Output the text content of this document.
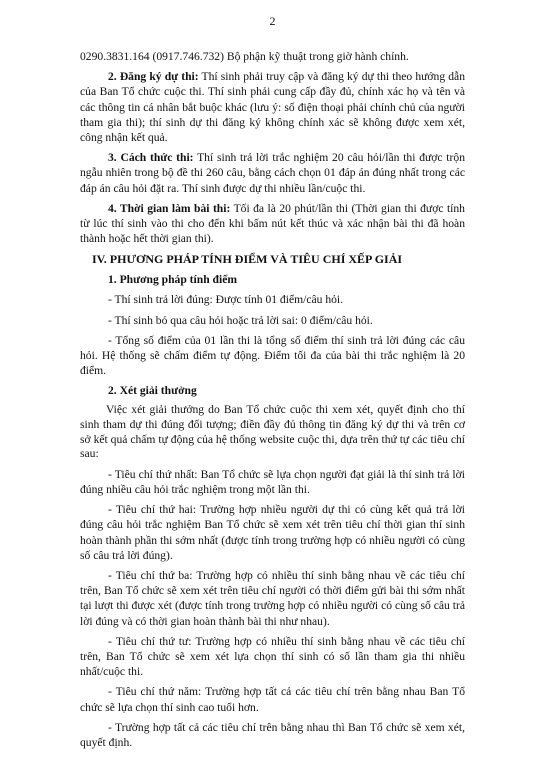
2

0290.3831.164 (0917.746.732) Bộ phận kỹ thuật trong giờ hành chính.

2. Đăng ký dự thi: Thí sinh phải truy cập và đăng ký dự thi theo hướng dẫn của Ban Tổ chức cuộc thi. Thí sinh phải cung cấp đầy đủ, chính xác họ và tên và các thông tin cá nhân bắt buộc khác (lưu ý: số điện thoại phải chính chủ của người tham gia thi); thí sinh dự thi đăng ký không chính xác sẽ không được xem xét, công nhận kết quả.

3. Cách thức thi: Thí sinh trả lời trắc nghiệm 20 câu hỏi/lần thi được trộn ngẫu nhiên trong bộ đề thi 260 câu, bằng cách chọn 01 đáp án đúng nhất trong các đáp án câu hỏi đặt ra. Thí sinh được dự thi nhiều lần/cuộc thi.

4. Thời gian làm bài thi: Tối đa là 20 phút/lần thi (Thời gian thi được tính từ lúc thí sinh vào thi cho đến khi bấm nút kết thúc và xác nhận bài thi đã hoàn thành hoặc hết thời gian thi).

IV. PHƯƠNG PHÁP TÍNH ĐIỂM VÀ TIÊU CHÍ XẾP GIẢI
1. Phương pháp tính điểm

- Thí sinh trả lời đúng: Được tính 01 điểm/câu hỏi.

- Thí sinh bỏ qua câu hỏi hoặc trả lời sai: 0 điểm/câu hỏi.

- Tổng số điểm của 01 lần thi là tổng số điểm thí sinh trả lời đúng các câu hỏi. Hệ thống sẽ chấm điểm tự động. Điểm tối đa của bài thi trắc nghiệm là 20 điểm.

2. Xét giải thưởng

Việc xét giải thưởng do Ban Tổ chức cuộc thi xem xét, quyết định cho thí sinh tham dự thi đúng đối tượng; điền đầy đủ thông tin đăng ký dự thi và trên cơ sở kết quả chấm tự động của hệ thống website cuộc thi, dựa trên thứ tự các tiêu chí sau:

- Tiêu chí thứ nhất: Ban Tổ chức sẽ lựa chọn người đạt giải là thí sinh trả lời đúng nhiều câu hỏi trắc nghiệm trong một lần thi.

- Tiêu chí thứ hai: Trường hợp nhiều người dự thi có cùng kết quả trả lời đúng câu hỏi trắc nghiệm Ban Tổ chức sẽ xem xét trên tiêu chí thời gian thí sinh hoàn thành phần thi sớm nhất (được tính trong trường hợp có nhiều người có cùng số câu trả lời đúng).

- Tiêu chí thứ ba: Trường hợp có nhiều thí sinh bằng nhau về các tiêu chí trên, Ban Tổ chức sẽ xem xét trên tiêu chí người có thời điểm gửi bài thi sớm nhất tại lượt thi được xét (được tính trong trường hợp có nhiều người có cùng số câu trả lời đúng và có thời gian hoàn thành bài thi như nhau).

- Tiêu chí thứ tư: Trường hợp có nhiều thí sinh bằng nhau về các tiêu chí trên, Ban Tổ chức sẽ xem xét lựa chọn thí sinh có số lần tham gia thi nhiều nhất/cuộc thi.

- Tiêu chí thứ năm: Trường hợp tất cả các tiêu chí trên bằng nhau Ban Tổ chức sẽ lựa chọn thí sinh cao tuổi hơn.

- Trường hợp tất cả các tiêu chí trên bằng nhau thì Ban Tổ chức sẽ xem xét, quyết định.
